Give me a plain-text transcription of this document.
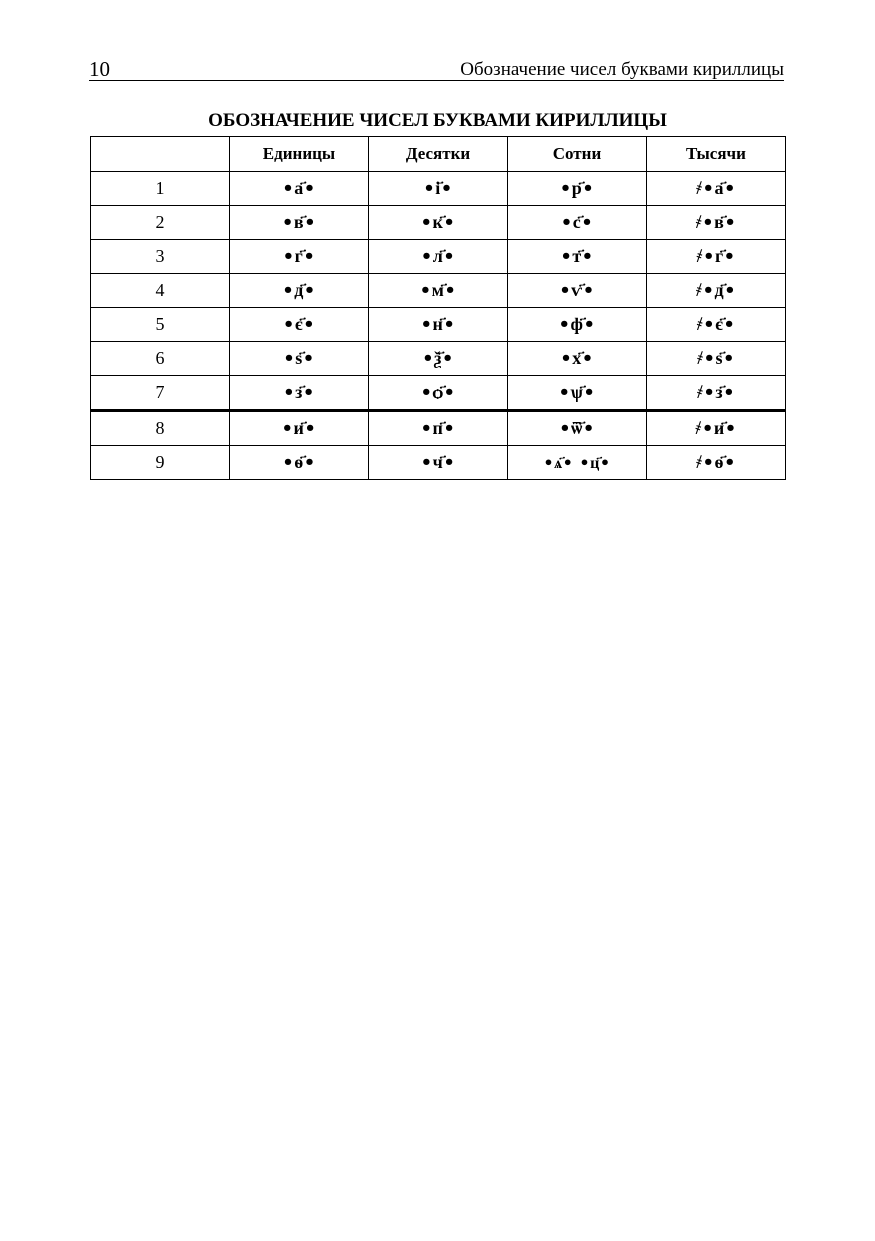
10	Обозначение чисел буквами кириллицы
ОБОЗНАЧЕНИЕ ЧИСЕЛ БУКВАМИ КИРИЛЛИЦЫ
	Единицы	Десятки	Сотни	Тысячи
1	•а҃•	•і҃•	•р҃•	҂•а҃•
2	•в҃•	•к҃•	•с҃•	҂•в҃•
3	•г҃•	•л҃•	•т҃•	҂•г҃•
4	•д҃•	•м҃•	•ѵ҃•	҂•д҃•
5	•є҃•	•н҃•	•ф҃•	҂•є҃•
6	•ѕ҃•	•ѯ҃•	•х҃•	҂•ѕ҃•
7	•з҃•	•ѻ҃•	•ѱ҃•	҂•з҃•
8	•и҃•	•п҃•	•ѿ҃•	҂•и҃•
9	•ѳ҃•	•ч҃•	•ѧ҃• •ц҃•	҂•ѳ҃•
